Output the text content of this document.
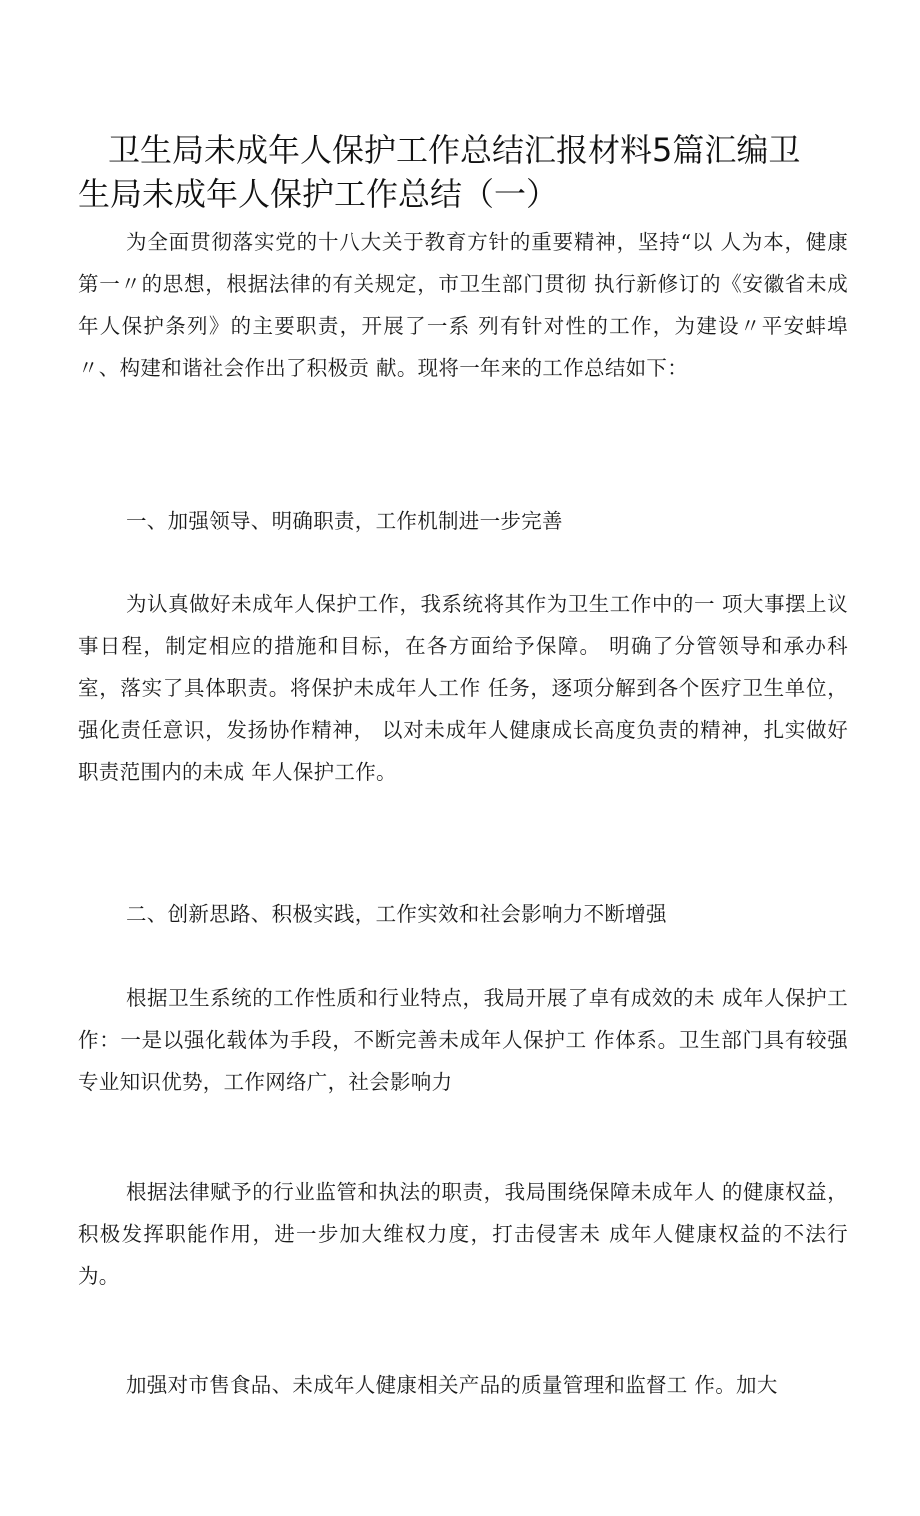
卫生局未成年人保护工作总结汇报材料5篇汇编卫
生局未成年人保护工作总结（一）

为全面贯彻落实党的十八大关于教育方针的重要精神，坚持“以 人为本，健康第一〃的思想，根据法律的有关规定，市卫生部门贯彻 执行新修订的《安徽省未成年人保护条列》的主要职责，开展了一系 列有针对性的工作，为建设〃平安蚌埠〃、构建和谐社会作出了积极贡 献。现将一年来的工作总结如下：

一、加强领导、明确职责，工作机制进一步完善

为认真做好未成年人保护工作，我系统将其作为卫生工作中的一 项大事摆上议事日程，制定相应的措施和目标，在各方面给予保障。 明确了分管领导和承办科室，落实了具体职责。将保护未成年人工作 任务，逐项分解到各个医疗卫生单位，强化责任意识，发扬协作精神， 以对未成年人健康成长高度负责的精神，扎实做好职责范围内的未成 年人保护工作。

二、创新思路、积极实践，工作实效和社会影响力不断增强

根据卫生系统的工作性质和行业特点，我局开展了卓有成效的未 成年人保护工作：一是以强化载体为手段，不断完善未成年人保护工 作体系。卫生部门具有较强专业知识优势，工作网络广，社会影响力

根据法律赋予的行业监管和执法的职责，我局围绕保障未成年人 的健康权益，积极发挥职能作用，进一步加大维权力度，打击侵害未 成年人健康权益的不法行为。

加强对市售食品、未成年人健康相关产品的质量管理和监督工 作。加大
